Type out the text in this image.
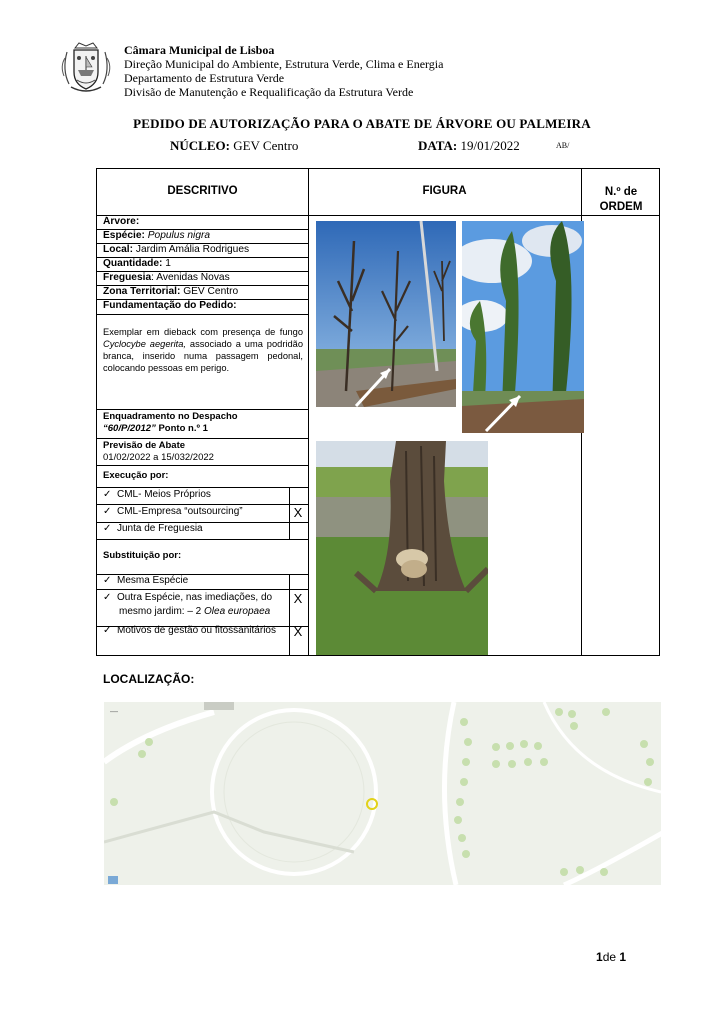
Câmara Municipal de Lisboa
Direção Municipal do Ambiente, Estrutura Verde, Clima e Energia
Departamento de Estrutura Verde
Divisão de Manutenção e Requalificação da Estrutura Verde
PEDIDO DE AUTORIZAÇÃO PARA O ABATE DE ÁRVORE OU PALMEIRA
NÚCLEO: GEV Centro	DATA: 19/01/2022	AB/
DESCRITIVO	FIGURA	N.º de
ORDEM
Árvore:
Espécie: Populus nigra
Local: Jardim Amália Rodrigues
Quantidade: 1
Freguesia: Avenidas Novas
Zona Territorial: GEV Centro
Fundamentação do Pedido:
Exemplar em dieback com presença de fungo Cyclocybe aegerita, associado a uma podridão branca, inserido numa passagem pedonal, colocando pessoas em perigo.
Enquadramento no Despacho
“60/P/2012” Ponto n.º 1
Previsão de Abate
01/02/2022 a 15/032/2022
Execução por:
✓ CML- Meios Próprios
✓ CML-Empresa “outsourcing”	X
✓ Junta de Freguesia
Substituição por:
✓ Mesma Espécie
✓ Outra Espécie, nas imediações, do
mesmo jardim: – 2 Olea europaea
X
✓ Motivos de gestão ou fitossanitários	X
LOCALIZAÇÃO:
—
1de 1
